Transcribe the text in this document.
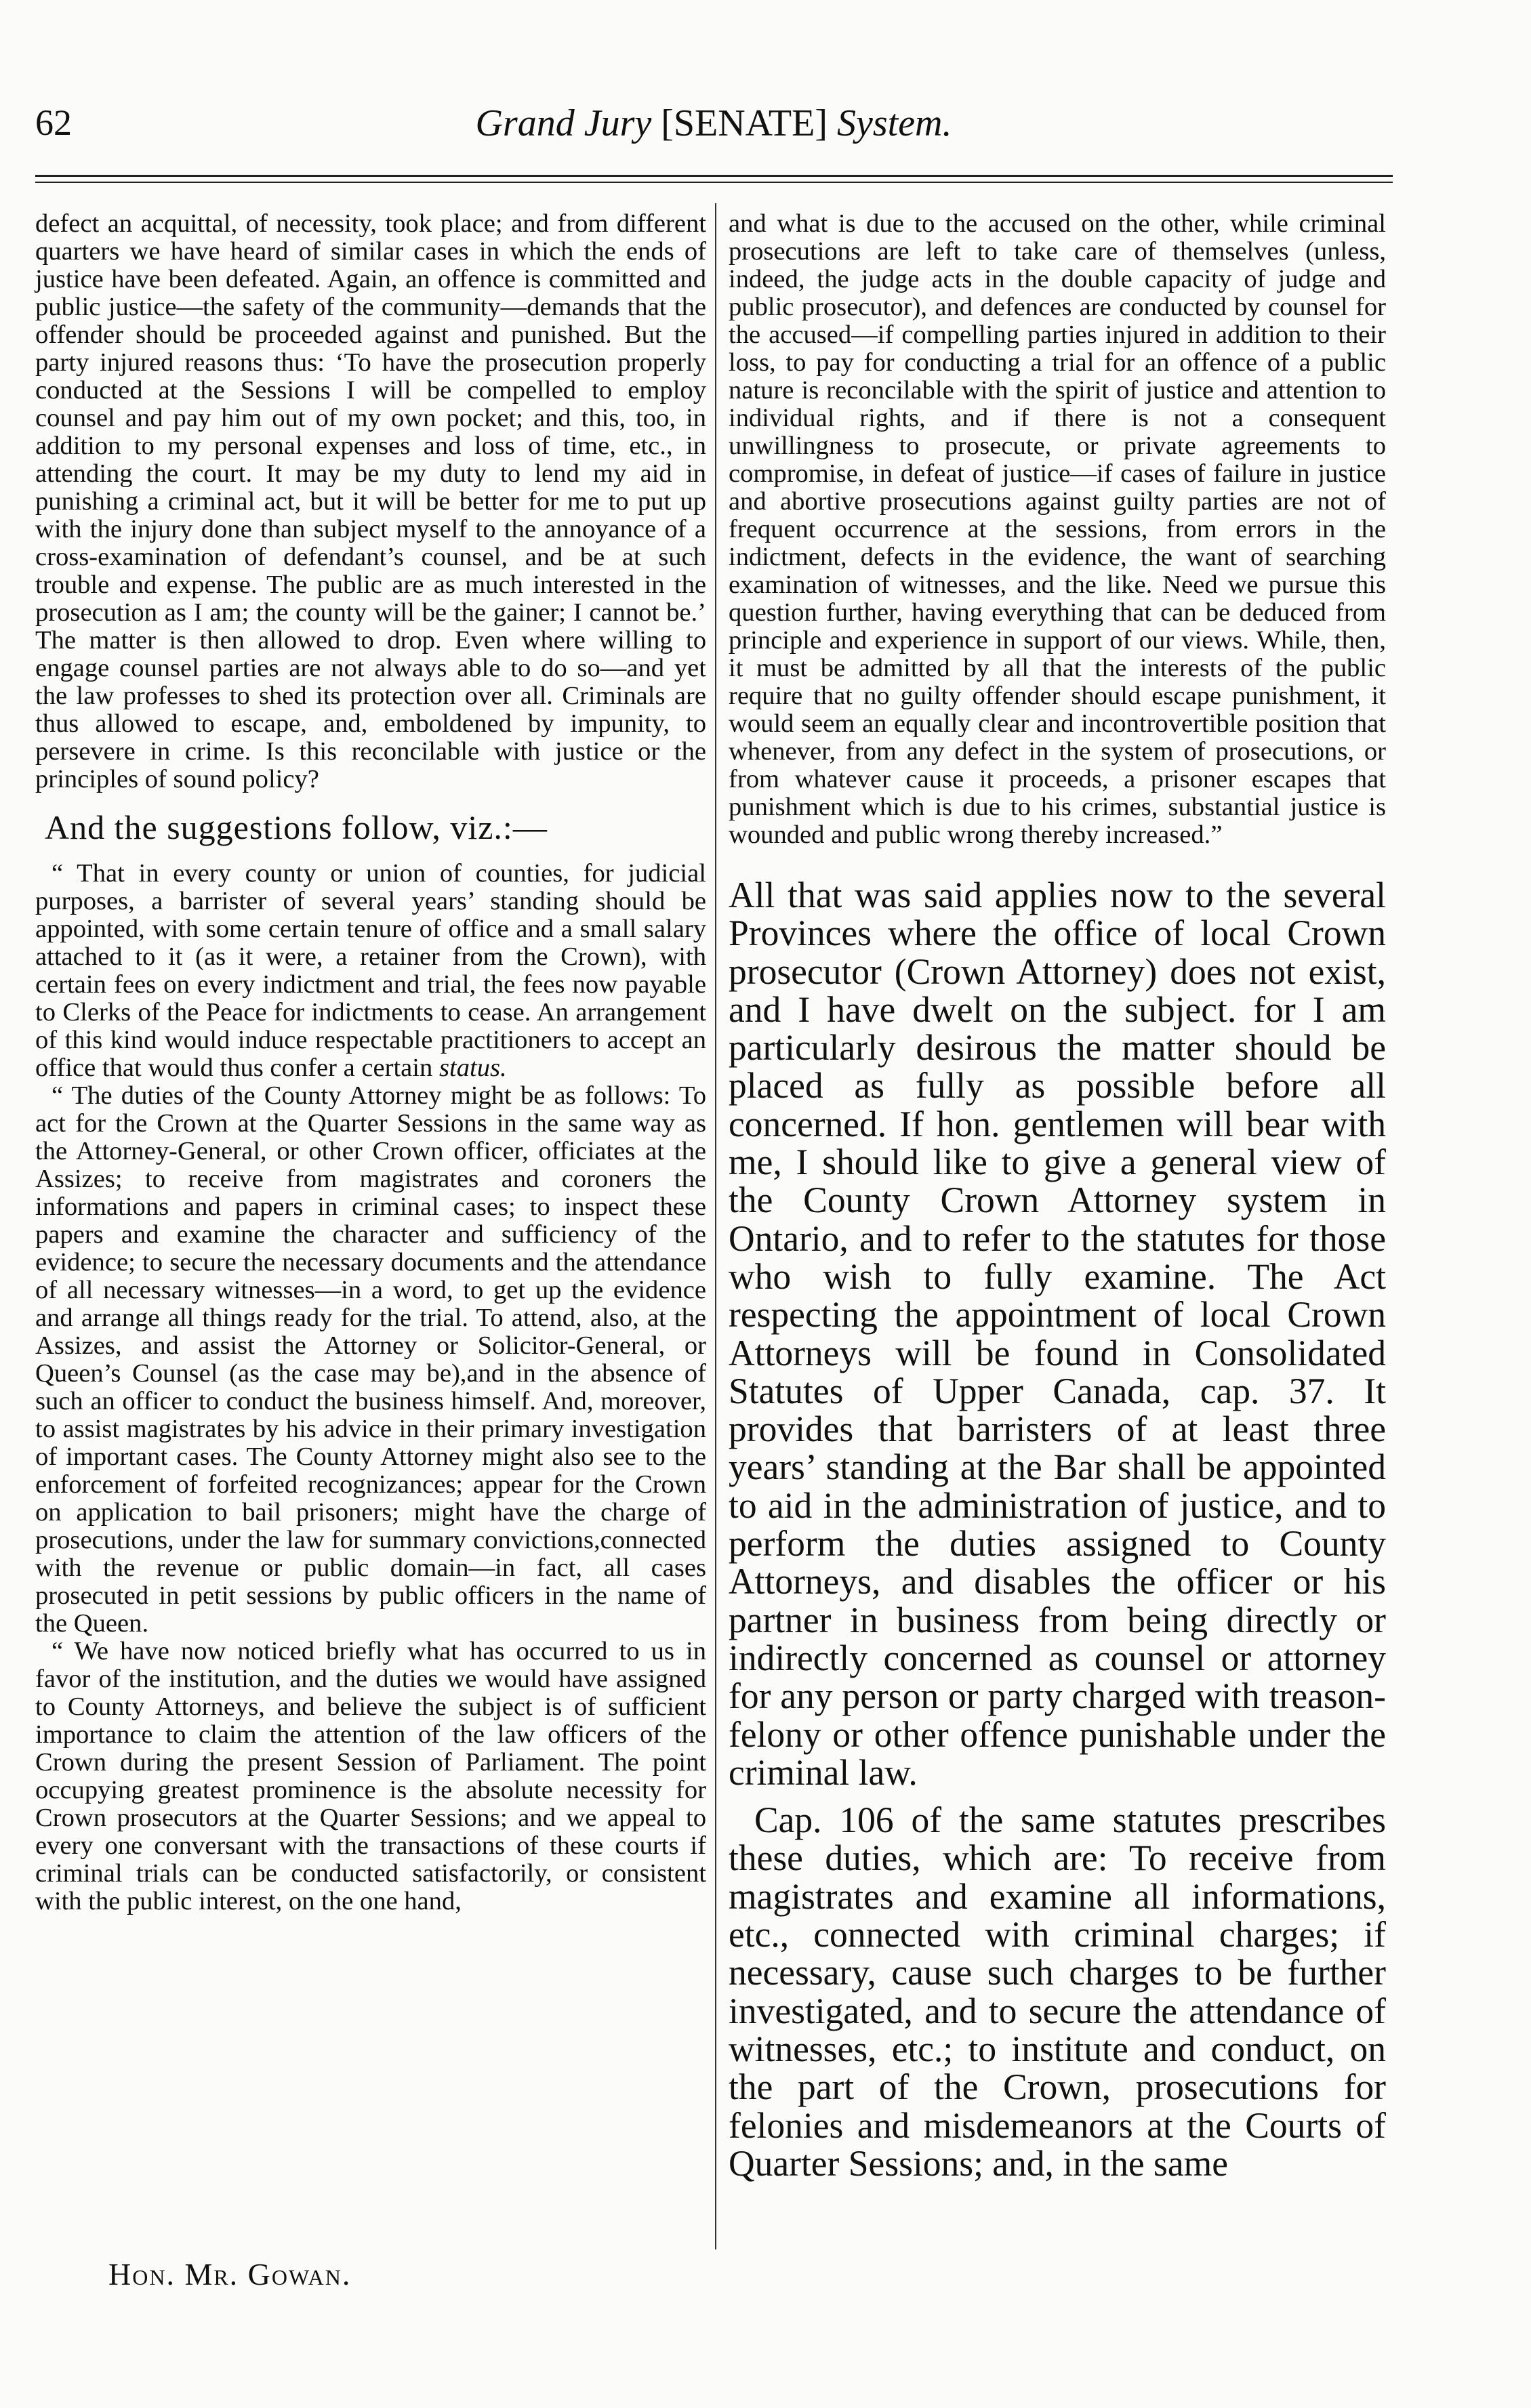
62	Grand Jury [SENATE] System.

defect an acquittal, of necessity, took place; and from different quarters we have heard of similar cases in which the ends of justice have been defeated. Again, an offence is committed and public justice—the safety of the community—demands that the offender should be proceeded against and punished. But the party injured reasons thus: ‘To have the prosecution properly conducted at the Sessions I will be compelled to employ counsel and pay him out of my own pocket; and this, too, in addition to my personal expenses and loss of time, etc., in attending the court. It may be my duty to lend my aid in punishing a criminal act, but it will be better for me to put up with the injury done than subject myself to the annoyance of a cross-examination of defendant’s counsel, and be at such trouble and expense. The public are as much interested in the prosecution as I am; the county will be the gainer; I cannot be.’ The matter is then allowed to drop. Even where willing to engage counsel parties are not always able to do so—and yet the law professes to shed its protection over all. Criminals are thus allowed to escape, and, emboldened by impunity, to persevere in crime. Is this reconcilable with justice or the principles of sound policy?

And the suggestions follow, viz.:—

“ That in every county or union of counties, for judicial purposes, a barrister of several years’ standing should be appointed, with some certain tenure of office and a small salary attached to it (as it were, a retainer from the Crown), with certain fees on every indictment and trial, the fees now payable to Clerks of the Peace for indictments to cease. An arrangement of this kind would induce respectable practitioners to accept an office that would thus confer a certain status.

“ The duties of the County Attorney might be as follows: To act for the Crown at the Quarter Sessions in the same way as the Attorney-General, or other Crown officer, officiates at the Assizes; to receive from magistrates and coroners the informations and papers in criminal cases; to inspect these papers and examine the character and sufficiency of the evidence; to secure the necessary documents and the attendance of all necessary witnesses—in a word, to get up the evidence and arrange all things ready for the trial. To attend, also, at the Assizes, and assist the Attorney or Solicitor-General, or Queen’s Counsel (as the case may be),and in the absence of such an officer to conduct the business himself. And, moreover, to assist magistrates by his advice in their primary investigation of important cases. The County Attorney might also see to the enforcement of forfeited recognizances; appear for the Crown on application to bail prisoners; might have the charge of prosecutions, under the law for summary convictions,connected with the revenue or public domain—in fact, all cases prosecuted in petit sessions by public officers in the name of the Queen.

“ We have now noticed briefly what has occurred to us in favor of the institution, and the duties we would have assigned to County Attorneys, and believe the subject is of sufficient importance to claim the attention of the law officers of the Crown during the present Session of Parliament. The point occupying greatest prominence is the absolute necessity for Crown prosecutors at the Quarter Sessions; and we appeal to every one conversant with the transactions of these courts if criminal trials can be conducted satisfactorily, or consistent with the public interest, on the one hand,

and what is due to the accused on the other, while criminal prosecutions are left to take care of themselves (unless, indeed, the judge acts in the double capacity of judge and public prosecutor), and defences are conducted by counsel for the accused—if compelling parties injured in addition to their loss, to pay for conducting a trial for an offence of a public nature is reconcilable with the spirit of justice and attention to individual rights, and if there is not a consequent unwillingness to prosecute, or private agreements to compromise, in defeat of justice—if cases of failure in justice and abortive prosecutions against guilty parties are not of frequent occurrence at the sessions, from errors in the indictment, defects in the evidence, the want of searching examination of witnesses, and the like. Need we pursue this question further, having everything that can be deduced from principle and experience in support of our views. While, then, it must be admitted by all that the interests of the public require that no guilty offender should escape punishment, it would seem an equally clear and incontrovertible position that whenever, from any defect in the system of prosecutions, or from whatever cause it proceeds, a prisoner escapes that punishment which is due to his crimes, substantial justice is wounded and public wrong thereby increased.”

All that was said applies now to the several Provinces where the office of local Crown prosecutor (Crown Attorney) does not exist, and I have dwelt on the subject. for I am particularly desirous the matter should be placed as fully as possible before all concerned. If hon. gentlemen will bear with me, I should like to give a general view of the County Crown Attorney system in Ontario, and to refer to the statutes for those who wish to fully examine. The Act respecting the appointment of local Crown Attorneys will be found in Consolidated Statutes of Upper Canada, cap. 37. It provides that barristers of at least three years’ standing at the Bar shall be appointed to aid in the administration of justice, and to perform the duties assigned to County Attorneys, and disables the officer or his partner in business from being directly or indirectly concerned as counsel or attorney for any person or party charged with treason-felony or other offence punishable under the criminal law.

Cap. 106 of the same statutes prescribes these duties, which are: To receive from magistrates and examine all informations, etc., connected with criminal charges; if necessary, cause such charges to be further investigated, and to secure the attendance of witnesses, etc.; to institute and conduct, on the part of the Crown, prosecutions for felonies and misdemeanors at the Courts of Quarter Sessions; and, in the same

Hon. Mr. Gowan.
